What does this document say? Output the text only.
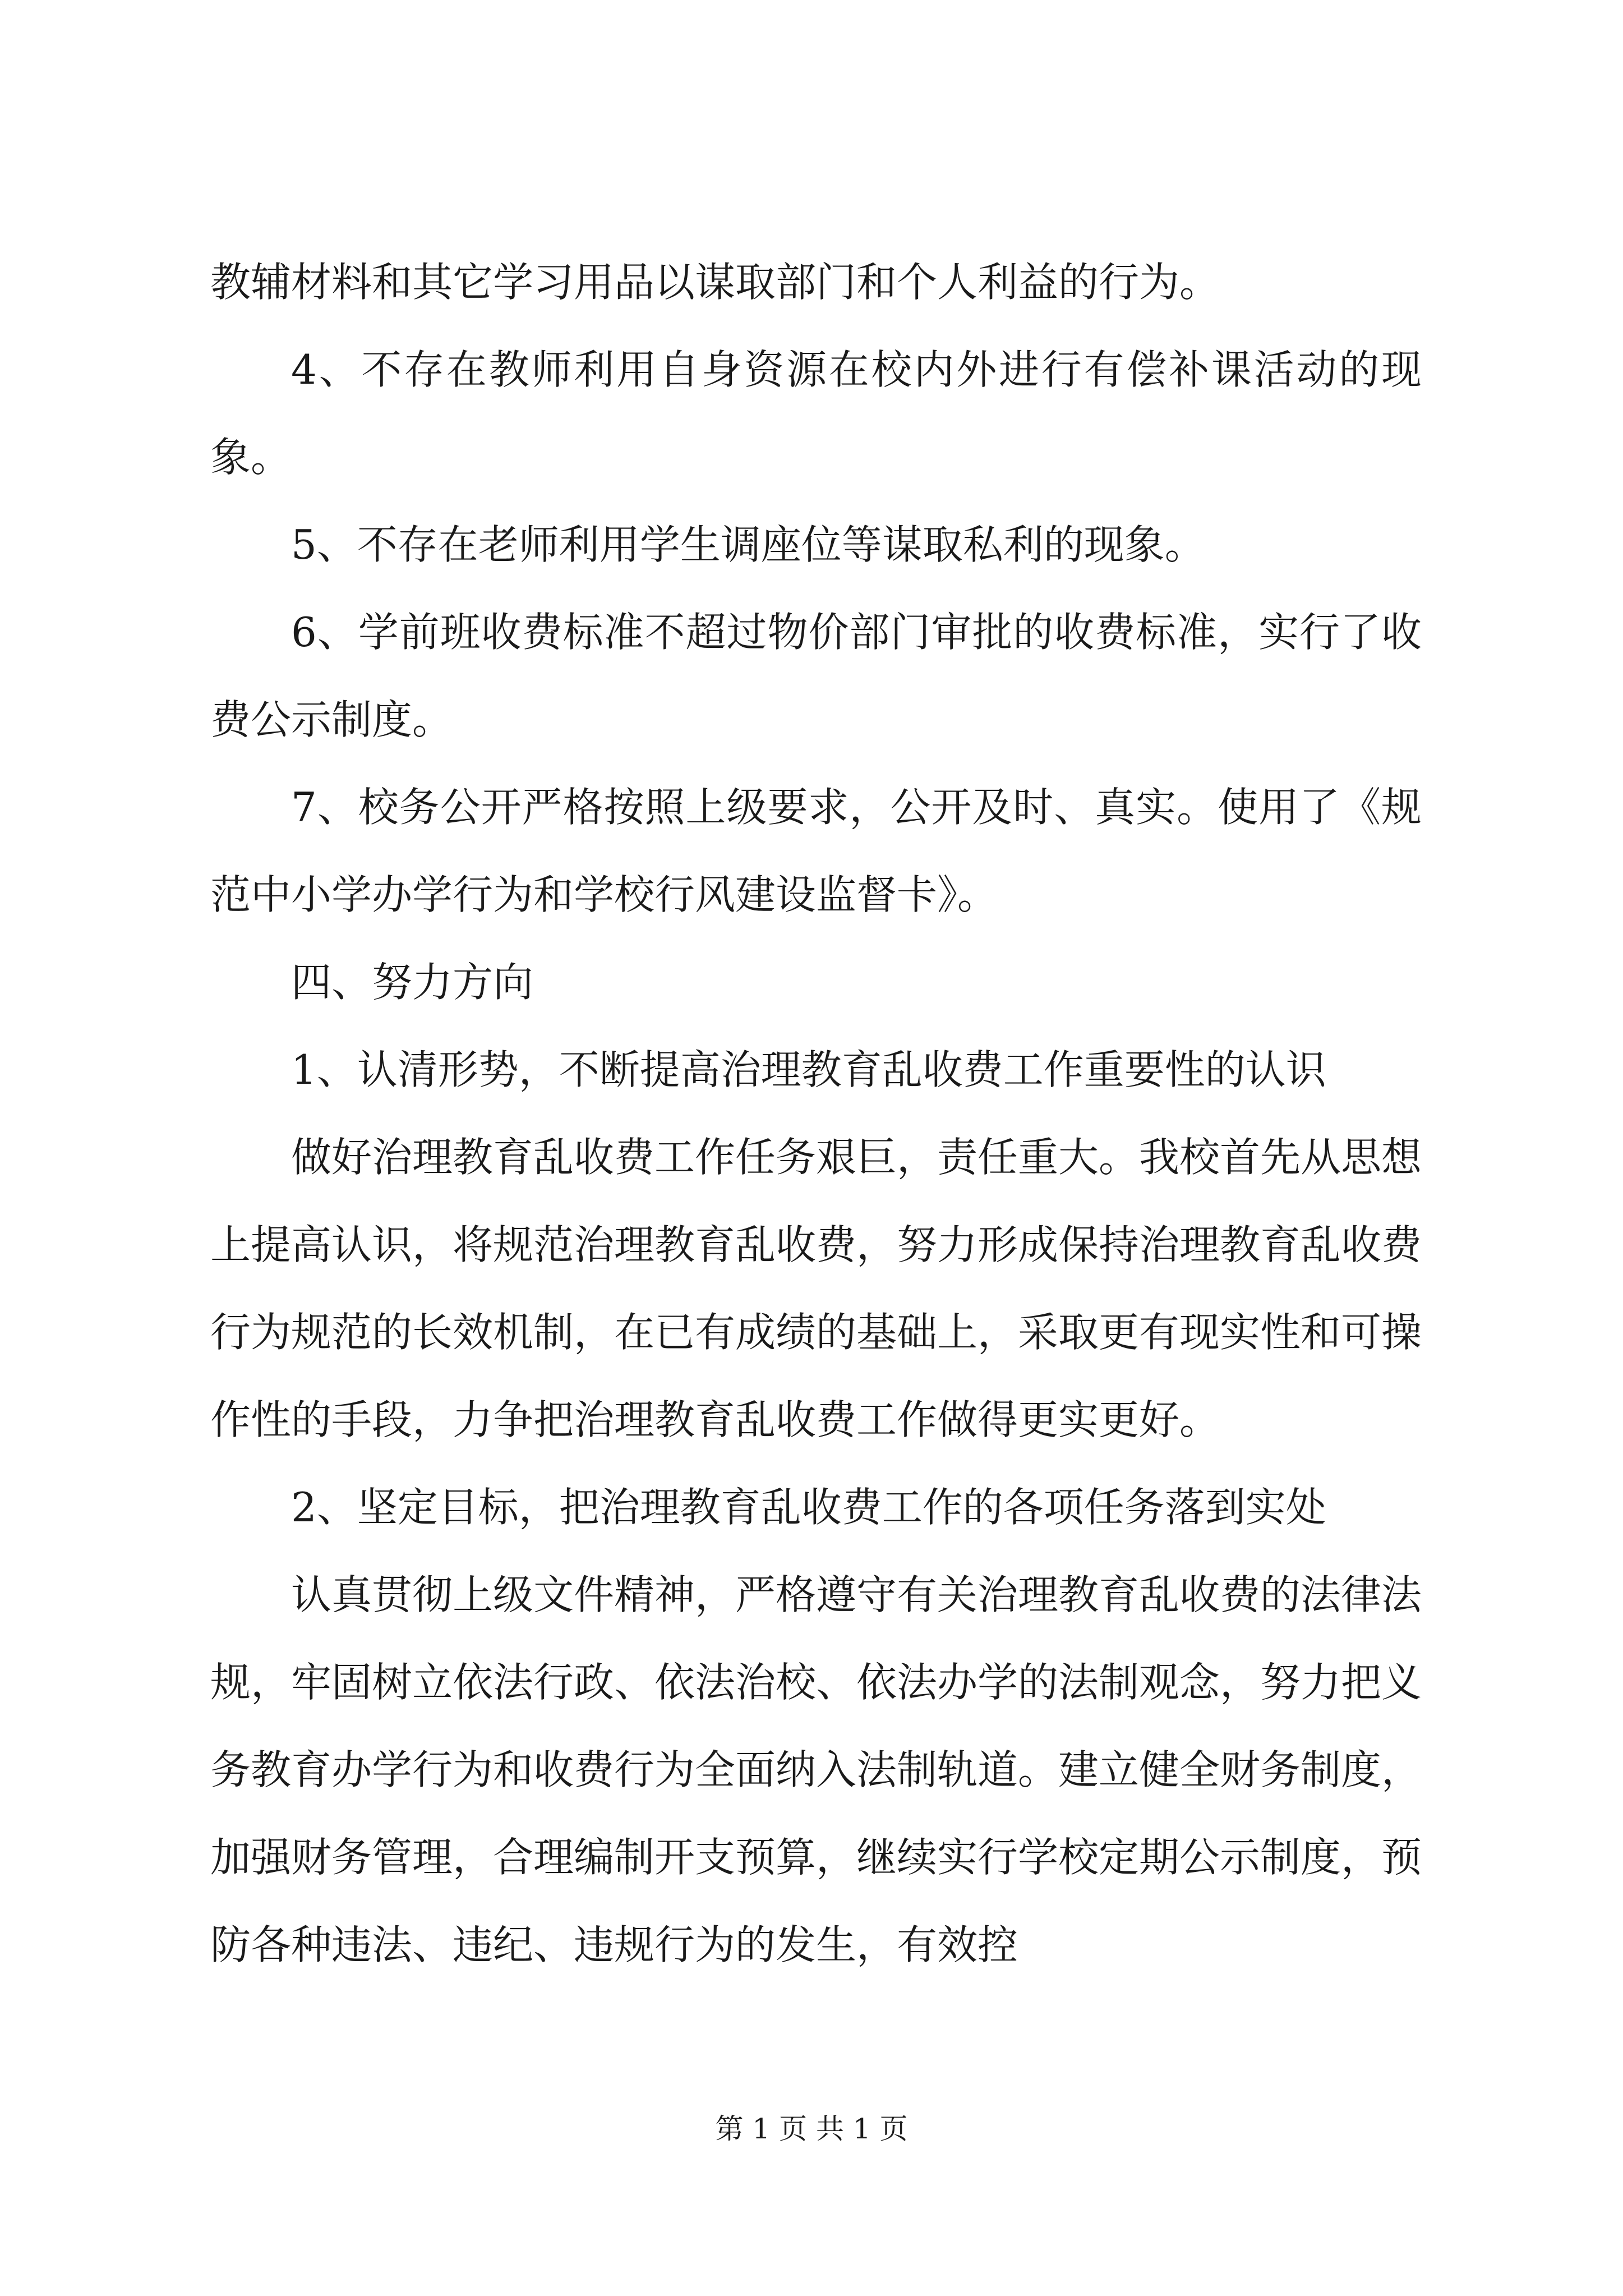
教辅材料和其它学习用品以谋取部门和个人利益的行为。

4、不存在教师利用自身资源在校内外进行有偿补课活动的现象。

5、不存在老师利用学生调座位等谋取私利的现象。

6、学前班收费标准不超过物价部门审批的收费标准，实行了收费公示制度。

7、校务公开严格按照上级要求，公开及时、真实。使用了《规范中小学办学行为和学校行风建设监督卡》。

四、努力方向

1、认清形势，不断提高治理教育乱收费工作重要性的认识

做好治理教育乱收费工作任务艰巨，责任重大。我校首先从思想上提高认识，将规范治理教育乱收费，努力形成保持治理教育乱收费行为规范的长效机制，在已有成绩的基础上，采取更有现实性和可操作性的手段，力争把治理教育乱收费工作做得更实更好。

2、坚定目标，把治理教育乱收费工作的各项任务落到实处

认真贯彻上级文件精神，严格遵守有关治理教育乱收费的法律法规，牢固树立依法行政、依法治校、依法办学的法制观念，努力把义务教育办学行为和收费行为全面纳入法制轨道。建立健全财务制度，加强财务管理，合理编制开支预算，继续实行学校定期公示制度，预防各种违法、违纪、违规行为的发生，有效控

第 1 页 共 1 页
